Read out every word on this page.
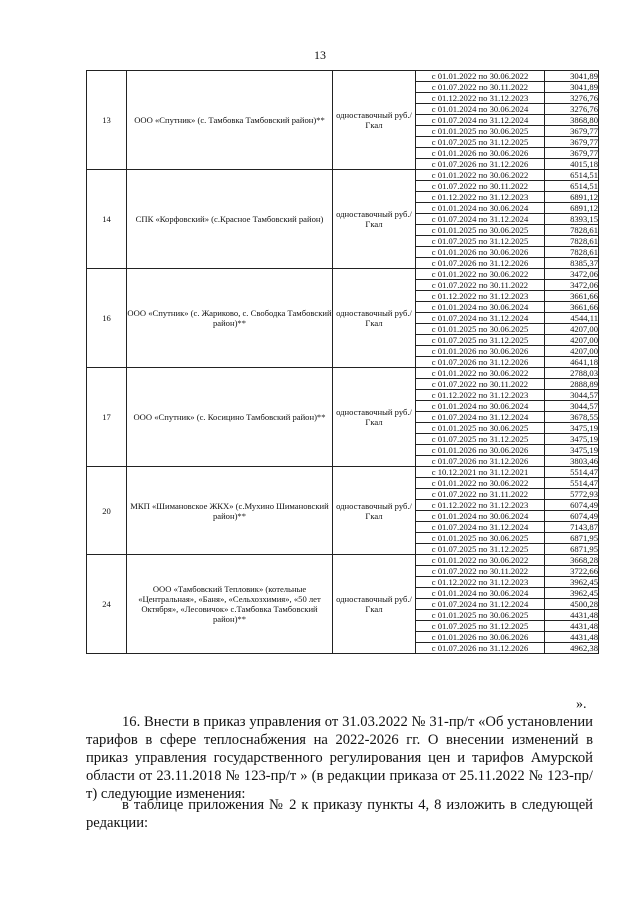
13
13	ООО «Спутник» (с. Тамбовка Тамбовский район)**	одноставочный руб./Гкал	с 01.01.2022 по 30.06.2022	3041,89
			с 01.07.2022 по 30.11.2022	3041,89
			с 01.12.2022 по 31.12.2023	3276,76
			с 01.01.2024 по 30.06.2024	3276,76
			с 01.07.2024 по 31.12.2024	3868,80
			с 01.01.2025 по 30.06.2025	3679,77
			с 01.07.2025 по 31.12.2025	3679,77
			с 01.01.2026 по 30.06.2026	3679,77
			с 01.07.2026 по 31.12.2026	4015,18
14	СПК «Корфовский» (с.Красное Тамбовский район)	одноставочный руб./Гкал	с 01.01.2022 по 30.06.2022	6514,51
			с 01.07.2022 по 30.11.2022	6514,51
			с 01.12.2022 по 31.12.2023	6891,12
			с 01.01.2024 по 30.06.2024	6891,12
			с 01.07.2024 по 31.12.2024	8393,15
			с 01.01.2025 по 30.06.2025	7828,61
			с 01.07.2025 по 31.12.2025	7828,61
			с 01.01.2026 по 30.06.2026	7828,61
			с 01.07.2026 по 31.12.2026	8385,37
16	ООО «Спутник» (с. Жариково, с. Свободка Тамбовский район)**	одноставочный руб./Гкал	с 01.01.2022 по 30.06.2022	3472,06
			с 01.07.2022 по 30.11.2022	3472,06
			с 01.12.2022 по 31.12.2023	3661,66
			с 01.01.2024 по 30.06.2024	3661,66
			с 01.07.2024 по 31.12.2024	4544,11
			с 01.01.2025 по 30.06.2025	4207,00
			с 01.07.2025 по 31.12.2025	4207,00
			с 01.01.2026 по 30.06.2026	4207,00
			с 01.07.2026 по 31.12.2026	4641,18
17	ООО «Спутник» (с. Косицино Тамбовский район)**	одноставочный руб./Гкал	с 01.01.2022 по 30.06.2022	2788,03
			с 01.07.2022 по 30.11.2022	2888,89
			с 01.12.2022 по 31.12.2023	3044,57
			с 01.01.2024 по 30.06.2024	3044,57
			с 01.07.2024 по 31.12.2024	3678,55
			с 01.01.2025 по 30.06.2025	3475,19
			с 01.07.2025 по 31.12.2025	3475,19
			с 01.01.2026 по 30.06.2026	3475,19
			с 01.07.2026 по 31.12.2026	3803,46
20	МКП «Шимановское ЖКХ» (с.Мухино Шимановский район)**	одноставочный руб./Гкал	с 10.12.2021 по 31.12.2021	5514,47
			с 01.01.2022 по 30.06.2022	5514,47
			с 01.07.2022 по 31.11.2022	5772,93
			с 01.12.2022 по 31.12.2023	6074,49
			с 01.01.2024 по 30.06.2024	6074,49
			с 01.07.2024 по 31.12.2024	7143,87
			с 01.01.2025 по 30.06.2025	6871,95
			с 01.07.2025 по 31.12.2025	6871,95
24	ООО «Тамбовский Тепловик» (котельные «Центральная», «Баня», «Сельхозхимия», «50 лет Октября», «Лесовичок» с.Тамбовка Тамбовский район)**	одноставочный руб./Гкал	с 01.01.2022 по 30.06.2022	3668,28
			с 01.07.2022 по 30.11.2022	3722,66
			с 01.12.2022 по 31.12.2023	3962,45
			с 01.01.2024 по 30.06.2024	3962,45
			с 01.07.2024 по 31.12.2024	4500,28
			с 01.01.2025 по 30.06.2025	4431,48
			с 01.07.2025 по 31.12.2025	4431,48
			с 01.01.2026 по 30.06.2026	4431,48
			с 01.07.2026 по 31.12.2026	4962,38
».
16. Внести в приказ управления от 31.03.2022 № 31-пр/т «Об установлении тарифов в сфере теплоснабжения на 2022-2026 гг. О внесении изменений в приказ управления государственного регулирования цен и тарифов Амурской области от 23.11.2018 № 123-пр/т » (в редакции приказа от 25.11.2022 № 123-пр/т) следующие изменения:
в таблице приложения № 2 к приказу пункты 4, 8 изложить в следующей редакции:
